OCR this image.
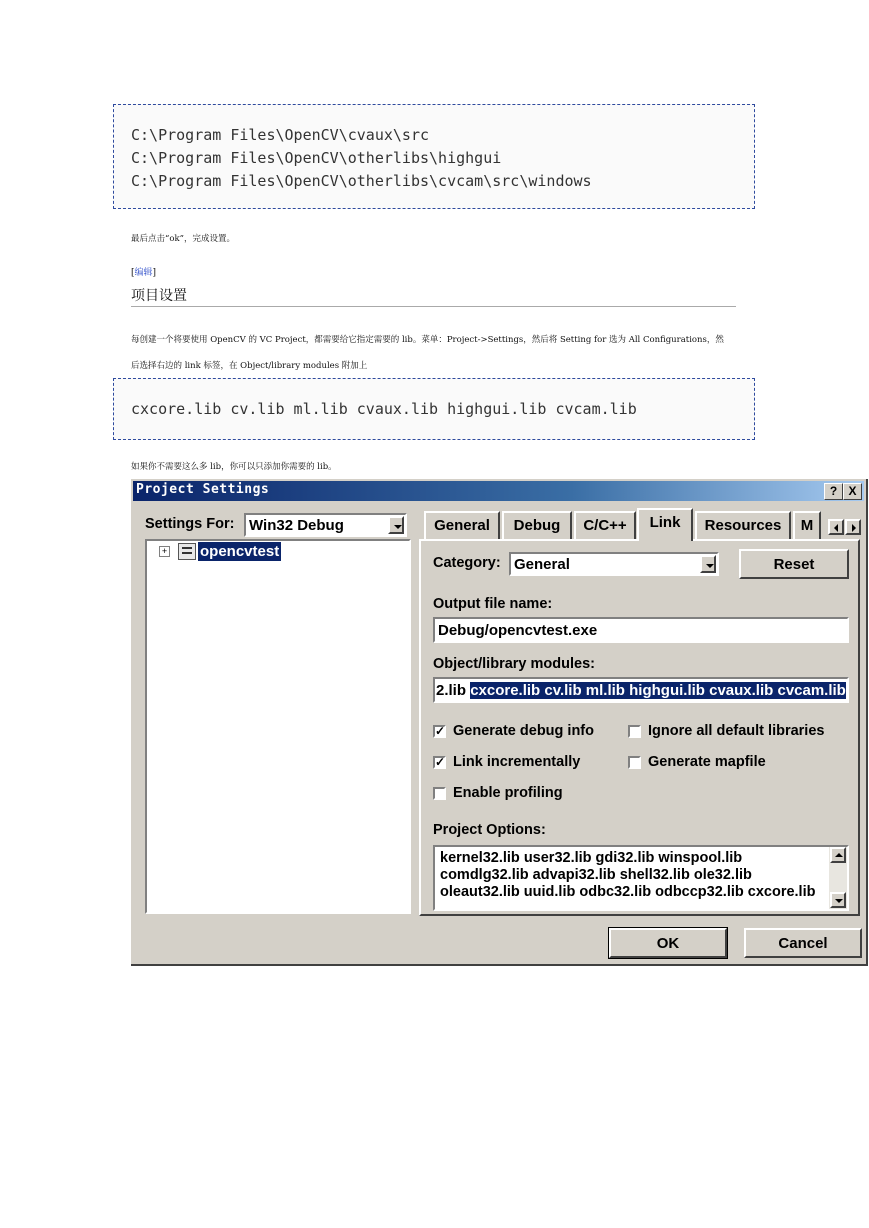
C:\Program Files\OpenCV\cvaux\src
C:\Program Files\OpenCV\otherlibs\highgui
C:\Program Files\OpenCV\otherlibs\cvcam\src\windows
最后点击“ok”，完成设置。
[编辑]
项目设置
每创建一个将要使用 OpenCV 的 VC Project，都需要给它指定需要的 lib。菜单：Project->Settings，然后将 Setting for 选为 All Configurations，然
后选择右边的 link 标签，在 Object/library modules 附加上
cxcore.lib cv.lib ml.lib cvaux.lib highgui.lib cvcam.lib
如果你不需要这么多 lib，你可以只添加你需要的 lib。
Project Settings	? X
Settings For: Win32 Debug
+ opencvtest
General	Debug	C/C++	Link	Resources	M
Category: General	Reset
Output file name:
Debug/opencvtest.exe
Object/library modules:
2.lib cxcore.lib cv.lib ml.lib highgui.lib cvaux.lib cvcam.lib
✓ Generate debug info	Ignore all default libraries
✓ Link incrementally	Generate mapfile
Enable profiling
Project Options:
kernel32.lib user32.lib gdi32.lib winspool.lib
comdlg32.lib advapi32.lib shell32.lib ole32.lib
oleaut32.lib uuid.lib odbc32.lib odbccp32.lib cxcore.lib
OK	Cancel
